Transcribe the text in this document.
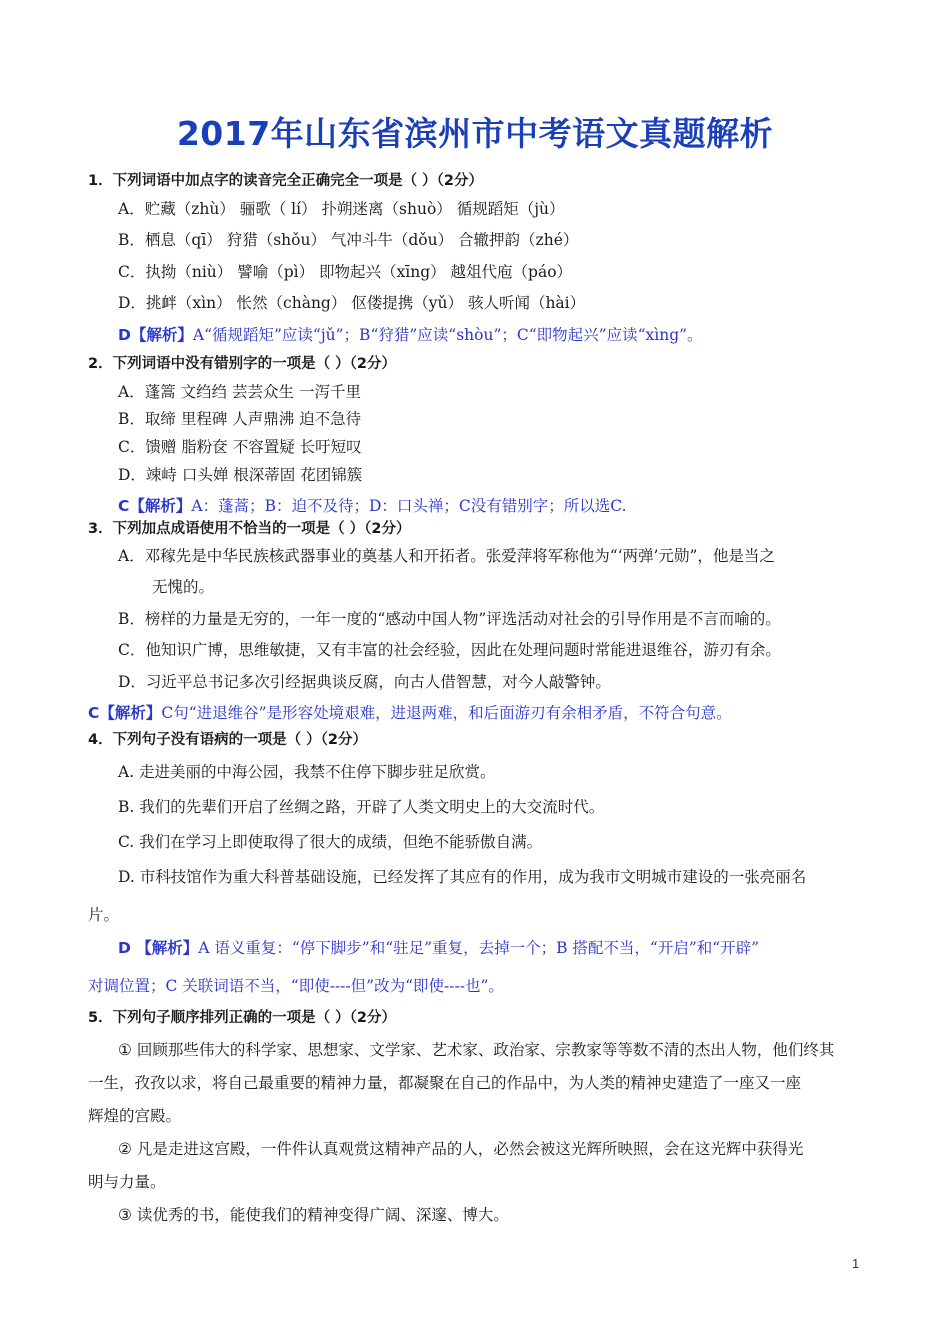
2017年山东省滨州市中考语文真题解析
1．下列词语中加点字的读音完全正确完全一项是（ ）（2分）
A．贮藏（zhù） 骊歌（ lí） 扑朔迷离（shuò） 循规蹈矩（jù）
B．栖息（qī） 狩猎（shǒu） 气冲斗牛（dǒu） 合辙押韵（zhé）
C．执拗（niù） 譬喻（pì） 即物起兴（xīng） 越俎代庖（páo）
D．挑衅（xìn） 怅然（chàng） 伛偻提携（yǔ） 骇人听闻（hài）
D【解析】A“循规蹈矩”应读“jǔ”；B“狩猎”应读“shòu”；C“即物起兴”应读“xìng”。
2．下列词语中没有错别字的一项是（ ）（2分）
A．蓬篙 文绉绉 芸芸众生 一泻千里
B．取缔 里程碑 人声鼎沸 迫不急待
C．馈赠 脂粉奁 不容置疑 长吁短叹
D．竦峙 口头婵 根深蒂固 花团锦簇
C【解析】A：蓬蒿；B：迫不及待；D：口头禅；C没有错别字；所以选C.
3．下列加点成语使用不恰当的一项是（ ）（2分）
A．邓稼先是中华民族核武器事业的奠基人和开拓者。张爱萍将军称他为“‘两弹’元勋”，他是当之
无愧的。
B．榜样的力量是无穷的，一年一度的“感动中国人物”评选活动对社会的引导作用是不言而喻的。
C．他知识广博，思维敏捷，又有丰富的社会经验，因此在处理问题时常能进退维谷，游刃有余。
D．习近平总书记多次引经据典谈反腐，向古人借智慧，对今人敲警钟。
C【解析】C句“进退维谷”是形容处境艰难，进退两难，和后面游刃有余相矛盾，不符合句意。
4．下列句子没有语病的一项是（ ）（2分）
A. 走进美丽的中海公园，我禁不住停下脚步驻足欣赏。
B. 我们的先辈们开启了丝绸之路，开辟了人类文明史上的大交流时代。
C. 我们在学习上即使取得了很大的成绩，但绝不能骄傲自满。
D. 市科技馆作为重大科普基础设施，已经发挥了其应有的作用，成为我市文明城市建设的一张亮丽名
片。
D 【解析】A 语义重复：“停下脚步”和“驻足”重复，去掉一个；B 搭配不当，“开启”和“开辟”
对调位置；C 关联词语不当，“即使----但”改为“即使----也”。
5．下列句子顺序排列正确的一项是（ ）（2分）
① 回顾那些伟大的科学家、思想家、文学家、艺术家、政治家、宗教家等等数不清的杰出人物，他们终其
一生，孜孜以求，将自己最重要的精神力量，都凝聚在自己的作品中，为人类的精神史建造了一座又一座
辉煌的宫殿。
② 凡是走进这宫殿，一件件认真观赏这精神产品的人，必然会被这光辉所映照，会在这光辉中获得光
明与力量。
③ 读优秀的书，能使我们的精神变得广阔、深邃、博大。
1
